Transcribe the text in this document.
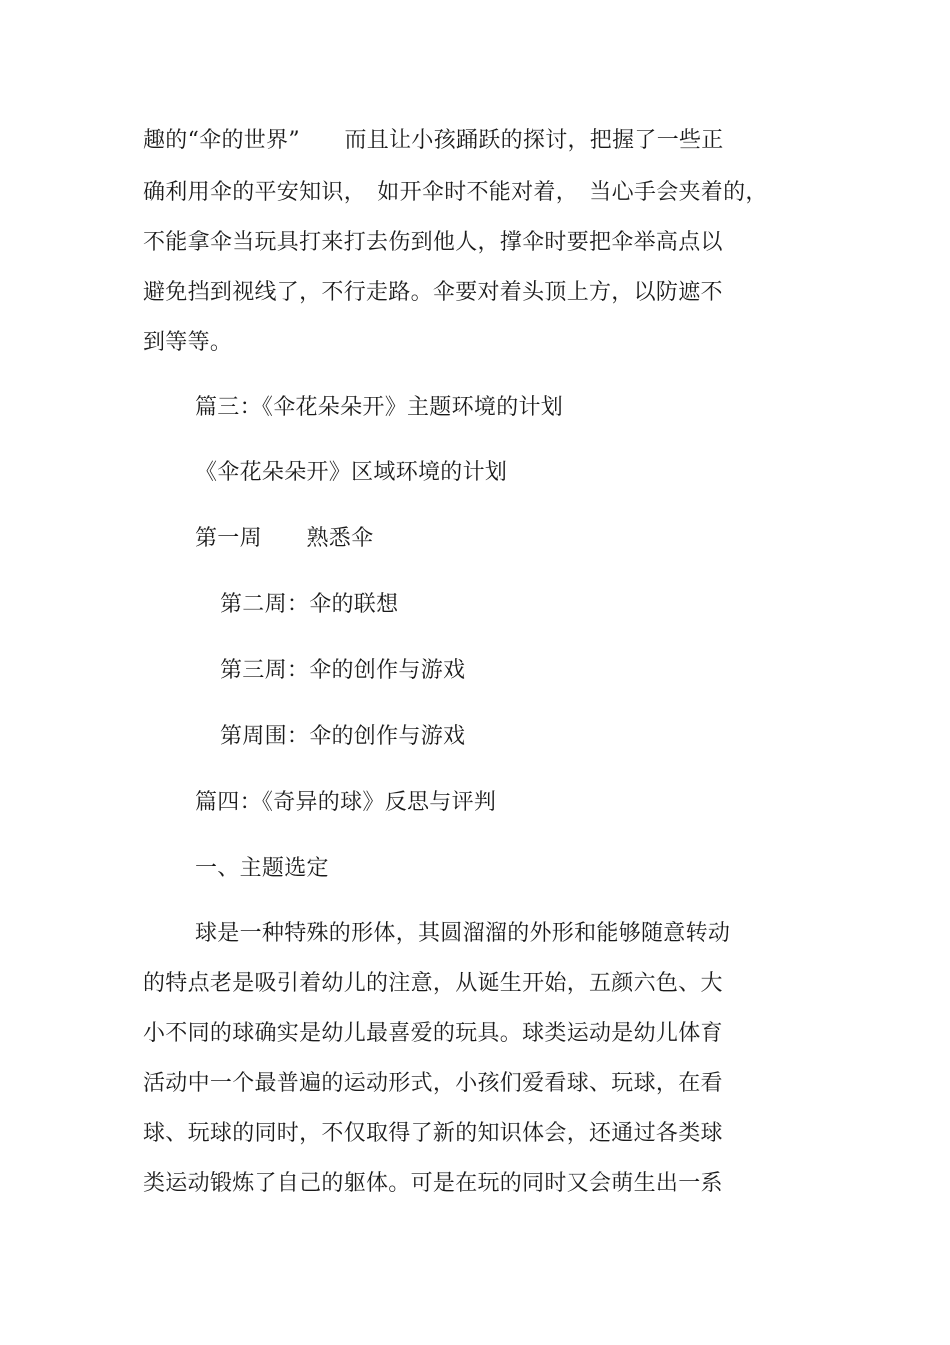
趣的“伞的世界”　　而且让小孩踊跃的探讨，把握了一些正
确利用伞的平安知识，　如开伞时不能对着，　当心手会夹着的，
不能拿伞当玩具打来打去伤到他人，撑伞时要把伞举高点以
避免挡到视线了，不行走路。伞要对着头顶上方，以防遮不
到等等。
篇三：《伞花朵朵开》主题环境的计划
《伞花朵朵开》区域环境的计划
第一周　　熟悉伞
第二周：伞的联想
第三周：伞的创作与游戏
第周围：伞的创作与游戏
篇四：《奇异的球》反思与评判
一、主题选定
球是一种特殊的形体，其圆溜溜的外形和能够随意转动
的特点老是吸引着幼儿的注意，从诞生开始，五颜六色、大
小不同的球确实是幼儿最喜爱的玩具。球类运动是幼儿体育
活动中一个最普遍的运动形式，小孩们爱看球、玩球，在看
球、玩球的同时，不仅取得了新的知识体会，还通过各类球
类运动锻炼了自己的躯体。可是在玩的同时又会萌生出一系
